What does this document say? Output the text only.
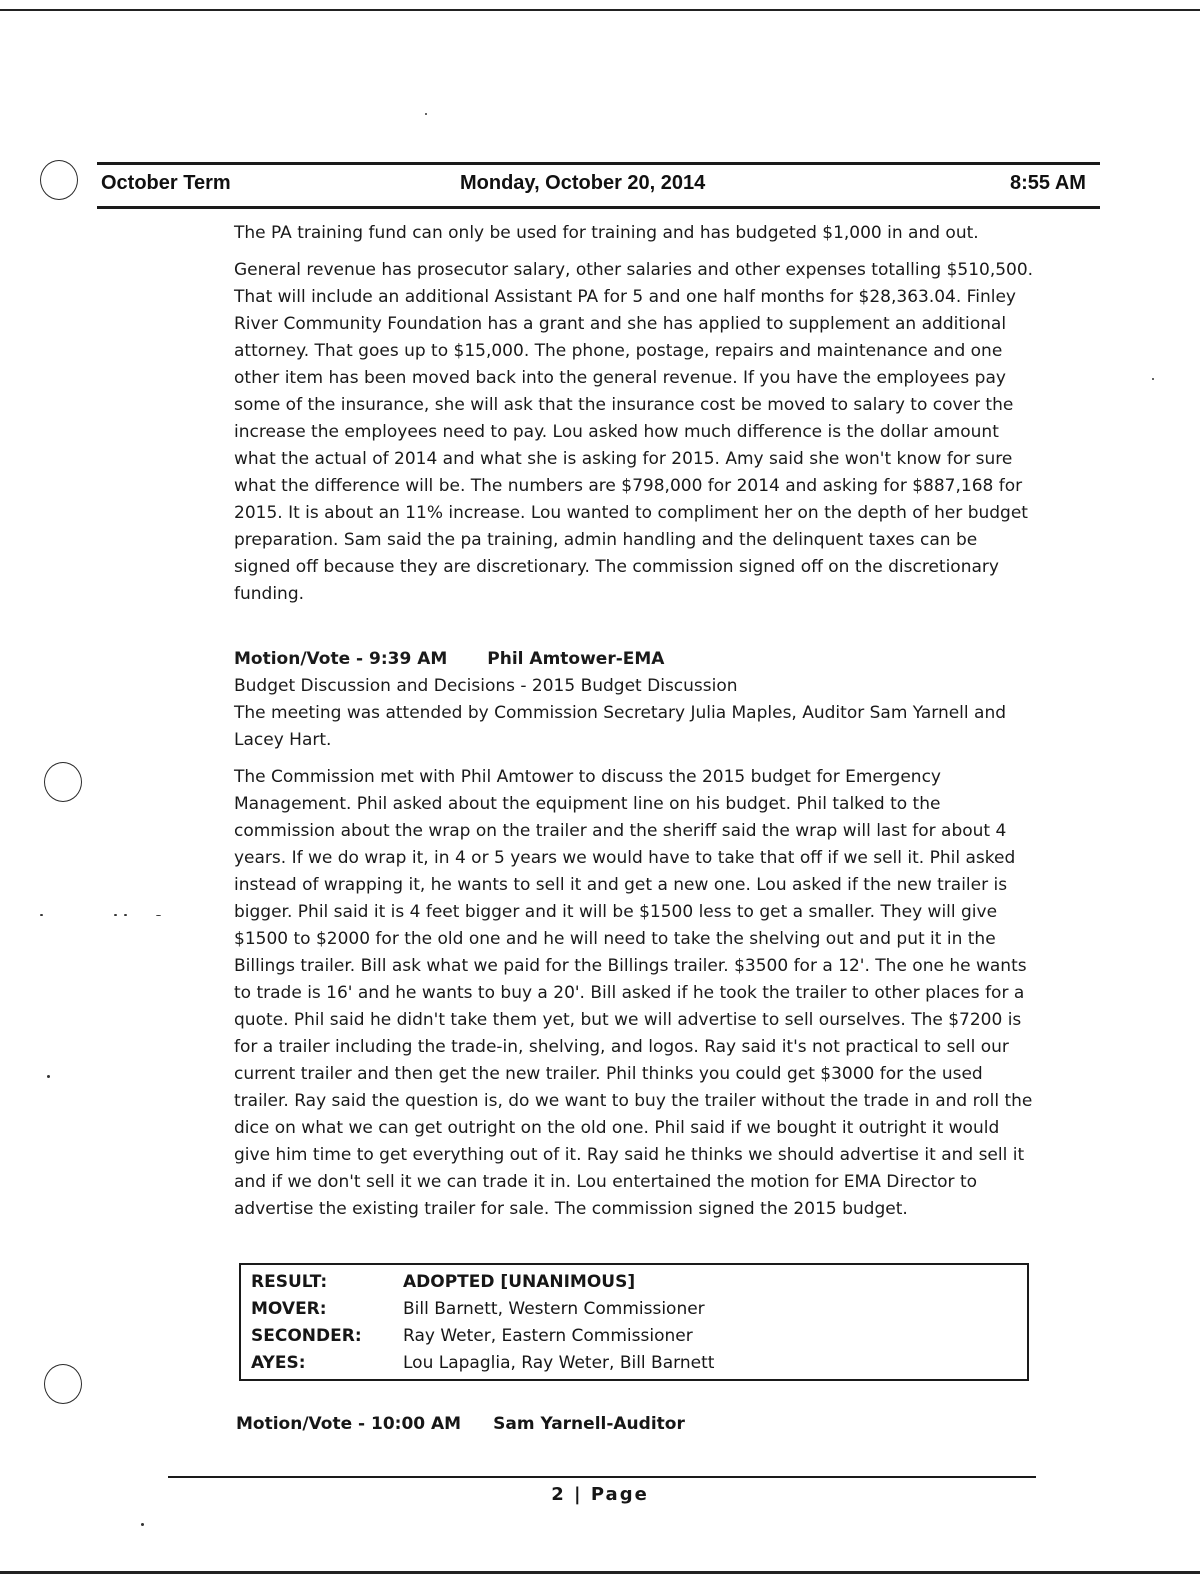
October Term	Monday, October 20, 2014	8:55 AM

The PA training fund can only be used for training and has budgeted $1,000 in and out.

General revenue has prosecutor salary, other salaries and other expenses totalling $510,500. That will include an additional Assistant PA for 5 and one half months for $28,363.04. Finley River Community Foundation has a grant and she has applied to supplement an additional attorney. That goes up to $15,000. The phone, postage, repairs and maintenance and one other item has been moved back into the general revenue. If you have the employees pay some of the insurance, she will ask that the insurance cost be moved to salary to cover the increase the employees need to pay. Lou asked how much difference is the dollar amount what the actual of 2014 and what she is asking for 2015. Amy said she won't know for sure what the difference will be. The numbers are $798,000 for 2014 and asking for $887,168 for 2015. It is about an 11% increase. Lou wanted to compliment her on the depth of her budget preparation. Sam said the pa training, admin handling and the delinquent taxes can be signed off because they are discretionary. The commission signed off on the discretionary funding.

Motion/Vote - 9:39 AM Phil Amtower-EMA

Budget Discussion and Decisions - 2015 Budget Discussion

The meeting was attended by Commission Secretary Julia Maples, Auditor Sam Yarnell and Lacey Hart.

The Commission met with Phil Amtower to discuss the 2015 budget for Emergency Management. Phil asked about the equipment line on his budget. Phil talked to the commission about the wrap on the trailer and the sheriff said the wrap will last for about 4 years. If we do wrap it, in 4 or 5 years we would have to take that off if we sell it. Phil asked instead of wrapping it, he wants to sell it and get a new one. Lou asked if the new trailer is bigger. Phil said it is 4 feet bigger and it will be $1500 less to get a smaller. They will give $1500 to $2000 for the old one and he will need to take the shelving out and put it in the Billings trailer. Bill ask what we paid for the Billings trailer. $3500 for a 12'. The one he wants to trade is 16' and he wants to buy a 20'. Bill asked if he took the trailer to other places for a quote. Phil said he didn't take them yet, but we will advertise to sell ourselves. The $7200 is for a trailer including the trade-in, shelving, and logos. Ray said it's not practical to sell our current trailer and then get the new trailer. Phil thinks you could get $3000 for the used trailer. Ray said the question is, do we want to buy the trailer without the trade in and roll the dice on what we can get outright on the old one. Phil said if we bought it outright it would give him time to get everything out of it. Ray said he thinks we should advertise it and sell it and if we don't sell it we can trade it in. Lou entertained the motion for EMA Director to advertise the existing trailer for sale. The commission signed the 2015 budget.

RESULT:	ADOPTED [UNANIMOUS]
MOVER:	Bill Barnett, Western Commissioner
SECONDER:	Ray Weter, Eastern Commissioner
AYES:	Lou Lapaglia, Ray Weter, Bill Barnett
Motion/Vote - 10:00 AM Sam Yarnell-Auditor
2 | Page
